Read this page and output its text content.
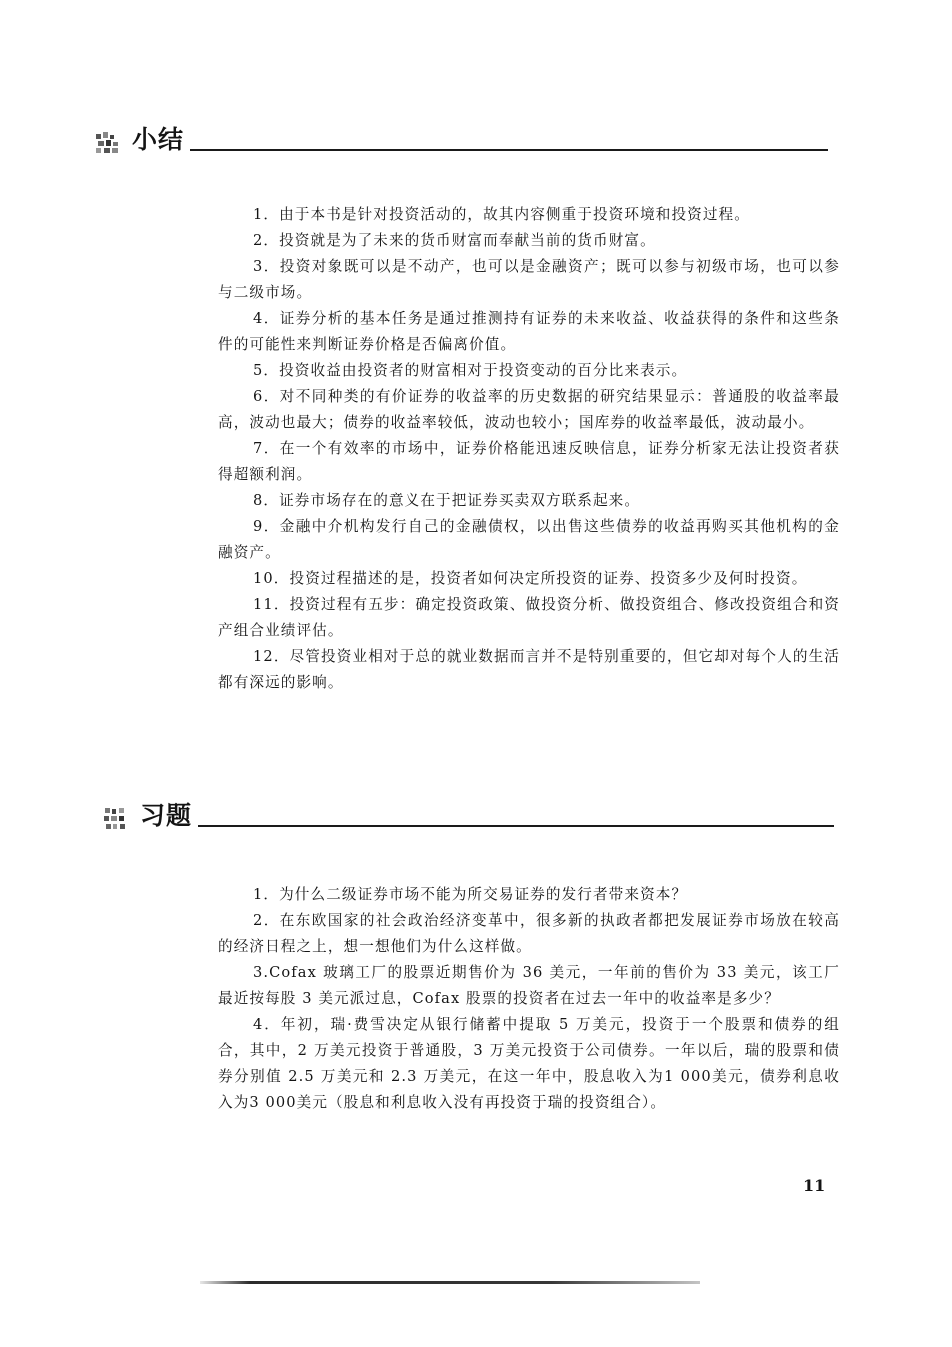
小结

1．由于本书是针对投资活动的，故其内容侧重于投资环境和投资过程。

2．投资就是为了未来的货币财富而奉献当前的货币财富。

3．投资对象既可以是不动产，也可以是金融资产；既可以参与初级市场，也可以参与二级市场。

4．证券分析的基本任务是通过推测持有证券的未来收益、收益获得的条件和这些条件的可能性来判断证券价格是否偏离价值。

5．投资收益由投资者的财富相对于投资变动的百分比来表示。

6．对不同种类的有价证券的收益率的历史数据的研究结果显示：普通股的收益率最高，波动也最大；债券的收益率较低，波动也较小；国库券的收益率最低，波动最小。

7．在一个有效率的市场中，证券价格能迅速反映信息，证券分析家无法让投资者获得超额利润。

8．证券市场存在的意义在于把证券买卖双方联系起来。

9．金融中介机构发行自己的金融债权，以出售这些债券的收益再购买其他机构的金融资产。

10．投资过程描述的是，投资者如何决定所投资的证券、投资多少及何时投资。

11．投资过程有五步：确定投资政策、做投资分析、做投资组合、修改投资组合和资产组合业绩评估。

12．尽管投资业相对于总的就业数据而言并不是特别重要的，但它却对每个人的生活都有深远的影响。

习题

1．为什么二级证券市场不能为所交易证券的发行者带来资本？

2．在东欧国家的社会政治经济变革中，很多新的执政者都把发展证券市场放在较高的经济日程之上，想一想他们为什么这样做。

3.Cofax 玻璃工厂的股票近期售价为 36 美元，一年前的售价为 33 美元，该工厂最近按每股 3 美元派过息，Cofax 股票的投资者在过去一年中的收益率是多少？

4．年初，瑞·费雪决定从银行储蓄中提取 5 万美元，投资于一个股票和债券的组合，其中，2 万美元投资于普通股，3 万美元投资于公司债券。一年以后，瑞的股票和债券分别值 2.5 万美元和 2.3 万美元，在这一年中，股息收入为1 000美元，债券利息收入为3 000美元（股息和利息收入没有再投资于瑞的投资组合）。

11
